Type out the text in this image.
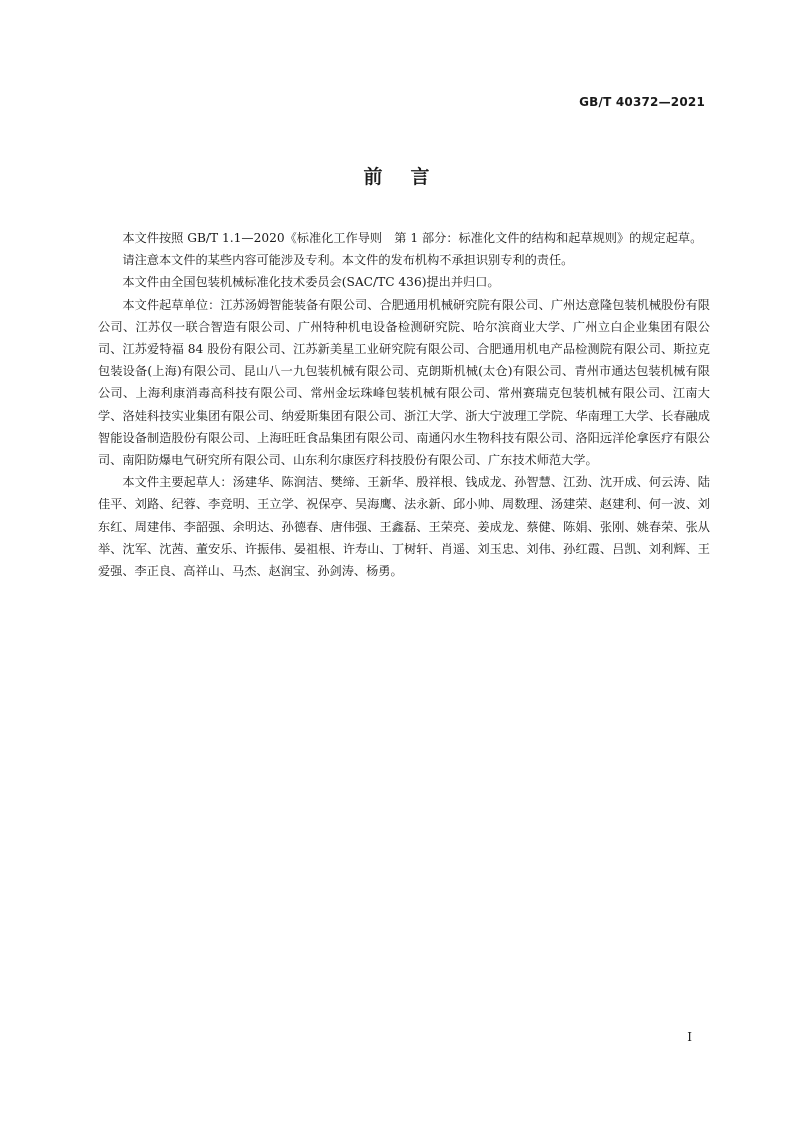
GB/T 40372—2021
前言

本文件按照 GB/T 1.1—2020《标准化工作导则　第 1 部分：标准化文件的结构和起草规则》的规定起草。

请注意本文件的某些内容可能涉及专利。本文件的发布机构不承担识别专利的责任。

本文件由全国包装机械标准化技术委员会(SAC/TC 436)提出并归口。

本文件起草单位：江苏汤姆智能装备有限公司、合肥通用机械研究院有限公司、广州达意隆包装机械股份有限公司、江苏仅一联合智造有限公司、广州特种机电设备检测研究院、哈尔滨商业大学、广州立白企业集团有限公司、江苏爱特福 84 股份有限公司、江苏新美星工业研究院有限公司、合肥通用机电产品检测院有限公司、斯拉克包装设备(上海)有限公司、昆山八一九包装机械有限公司、克朗斯机械(太仓)有限公司、青州市通达包装机械有限公司、上海利康消毒高科技有限公司、常州金坛珠峰包装机械有限公司、常州赛瑞克包装机械有限公司、江南大学、洛娃科技实业集团有限公司、纳爱斯集团有限公司、浙江大学、浙大宁波理工学院、华南理工大学、长春融成智能设备制造股份有限公司、上海旺旺食品集团有限公司、南通闪水生物科技有限公司、洛阳远洋伦拿医疗有限公司、南阳防爆电气研究所有限公司、山东利尔康医疗科技股份有限公司、广东技术师范大学。

本文件主要起草人：汤建华、陈润洁、樊缔、王新华、殷祥根、钱成龙、孙智慧、江劲、沈开成、何云涛、陆佳平、刘路、纪蓉、李竞明、王立学、祝保亭、吴海鹰、法永新、邱小帅、周数理、汤建荣、赵建利、何一波、刘东红、周建伟、李韶强、余明达、孙德春、唐伟强、王鑫磊、王荣亮、姜成龙、蔡健、陈娟、张刚、姚春荣、张从举、沈军、沈茜、董安乐、许振伟、晏祖根、许寿山、丁树轩、肖遥、刘玉忠、刘伟、孙红霞、吕凯、刘利辉、王爱强、李正良、高祥山、马杰、赵润宝、孙剑涛、杨勇。

I
